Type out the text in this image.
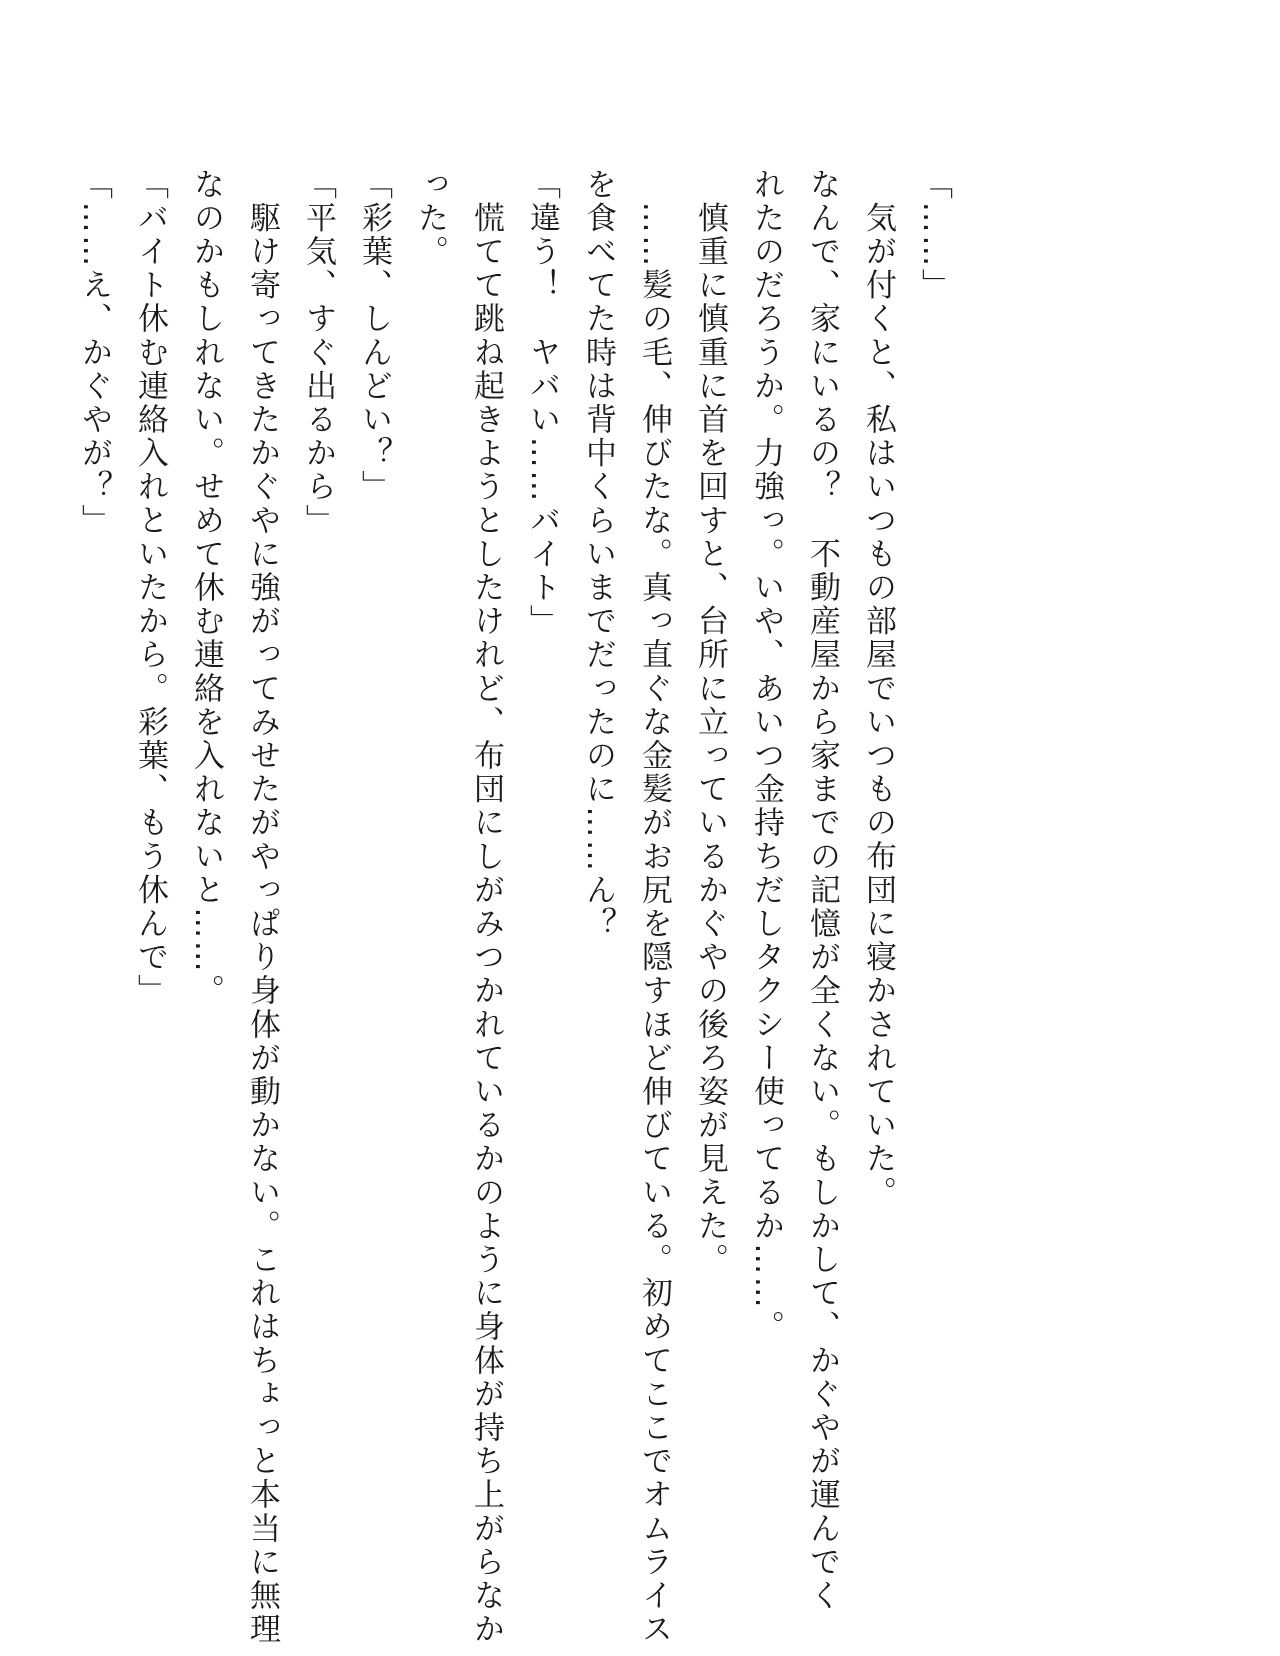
「……」
　気が付くと、私はいつもの部屋でいつもの布団に寝かされていた。
なんで、家にいるの？　不動産屋から家までの記憶が全くない。もしかして、かぐやが運んでく
れたのだろうか。力強っ。いや、あいつ金持ちだしタクシー使ってるか……。
　慎重に慎重に首を回すと、台所に立っているかぐやの後ろ姿が見えた。
　……髪の毛、伸びたな。真っ直ぐな金髪がお尻を隠すほど伸びている。初めてここでオムライス
を食べてた時は背中くらいまでだったのに……ん？
「違う！　ヤバい……バイト」
　慌てて跳ね起きようとしたけれど、布団にしがみつかれているかのように身体が持ち上がらなか
った。
「彩葉、しんどい？」
「平気、すぐ出るから」
　駆け寄ってきたかぐやに強がってみせたがやっぱり身体が動かない。これはちょっと本当に無理
なのかもしれない。せめて休む連絡を入れないと……。
「バイト休む連絡入れといたから。彩葉、もう休んで」
「……え、かぐやが？」
